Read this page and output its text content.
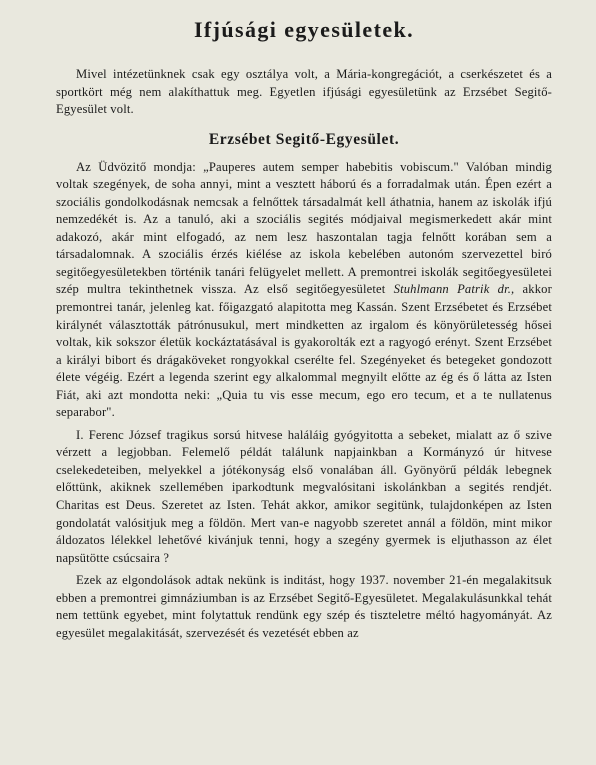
Ifjúsági egyesületek.

Mivel intézetünknek csak egy osztálya volt, a Mária-kongregációt, a cserkészetet és a sportkört még nem alakíthattuk meg. Egyetlen ifjúsági egyesületünk az Erzsébet Segitő-Egyesület volt.

Erzsébet Segitő-Egyesület.

Az Üdvözitő mondja: „Pauperes autem semper habebitis vobiscum." Valóban mindig voltak szegények, de soha annyi, mint a vesztett háború és a forradalmak után. Épen ezért a szociális gondolkodásnak nemcsak a felnőttek társadalmát kell áthatnia, hanem az iskolák ifjú nemzedékét is. Az a tanuló, aki a szociális segités módjaival megismerkedett akár mint adakozó, akár mint elfogadó, az nem lesz haszontalan tagja felnőtt korában sem a társadalomnak. A szociális érzés kiélése az iskola kebelében autonóm szervezettel biró segitőegyesületekben történik tanári felügyelet mellett. A premontrei iskolák segitőegyesületei szép multra tekinthetnek vissza. Az első segitőegyesületet Stuhlmann Patrik dr., akkor premontrei tanár, jelenleg kat. főigazgató alapitotta meg Kassán. Szent Erzsébetet és Erzsébet királynét választották pátrónusukul, mert mindketten az irgalom és könyörületesség hősei voltak, kik sokszor életük kockáztatásával is gyakorolták ezt a ragyogó erényt. Szent Erzsébet a királyi bibort és drágaköveket rongyokkal cserélte fel. Szegényeket és betegeket gondozott élete végéig. Ezért a legenda szerint egy alkalommal megnyilt előtte az ég és ő látta az Isten Fiát, aki azt mondotta neki: „Quia tu vis esse mecum, ego ero tecum, et a te nullatenus separabor".

I. Ferenc József tragikus sorsú hitvese haláláig gyógyitotta a sebeket, mialatt az ő szive vérzett a legjobban. Felemelő példát találunk napjainkban a Kormányzó úr hitvese cselekedeteiben, melyekkel a jótékonyság első vonalában áll. Gyönyörű példák lebegnek előttünk, akiknek szellemében iparkodtunk megvalósitani iskolánkban a segités rendjét. Charitas est Deus. Szeretet az Isten. Tehát akkor, amikor segitünk, tulajdonképen az Isten gondolatát valósitjuk meg a földön. Mert van-e nagyobb szeretet annál a földön, mint mikor áldozatos lélekkel lehetővé kivánjuk tenni, hogy a szegény gyermek is eljuthasson az élet napsütötte csúcsaira ?

Ezek az elgondolások adtak nekünk is inditást, hogy 1937. november 21-én megalakitsuk ebben a premontrei gimnáziumban is az Erzsébet Segitő-Egyesületet. Megalakulásunkkal tehát nem tettünk egyebet, mint folytattuk rendünk egy szép és tiszteletre méltó hagyományát. Az egyesület megalakitását, szervezését és vezetését ebben az
